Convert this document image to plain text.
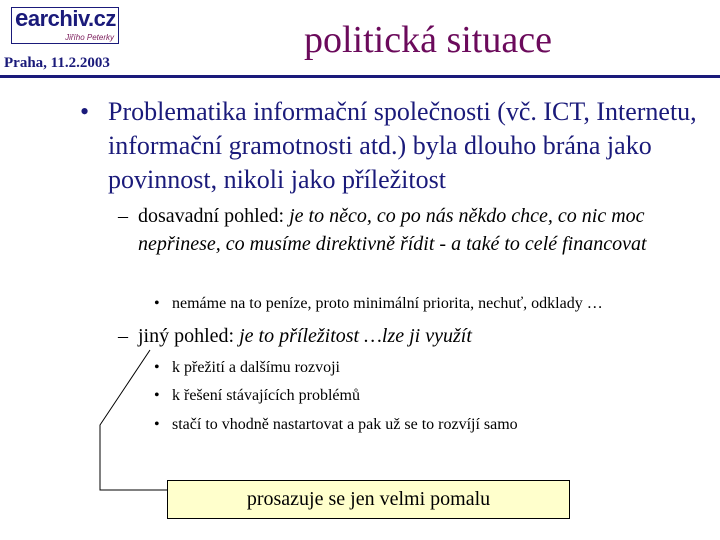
earchiv.cz
Jiřího Peterky
Praha, 11.2.2003
politická situace
• Problematika informační společnosti (vč. ICT, Internetu, informační gramotnosti atd.) byla dlouho brána jako povinnost, nikoli jako příležitost
– dosavadní pohled: je to něco, co po nás někdo chce, co nic moc nepřinese, co musíme direktivně řídit - a také to celé financovat
• nemáme na to peníze, proto minimální priorita, nechuť, odklady …
– jiný pohled: je to příležitost …lze ji využít
• k přežití a dalšímu rozvoji
• k řešení stávajících problémů
• stačí to vhodně nastartovat a pak už se to rozvíjí samo
prosazuje se jen velmi pomalu
